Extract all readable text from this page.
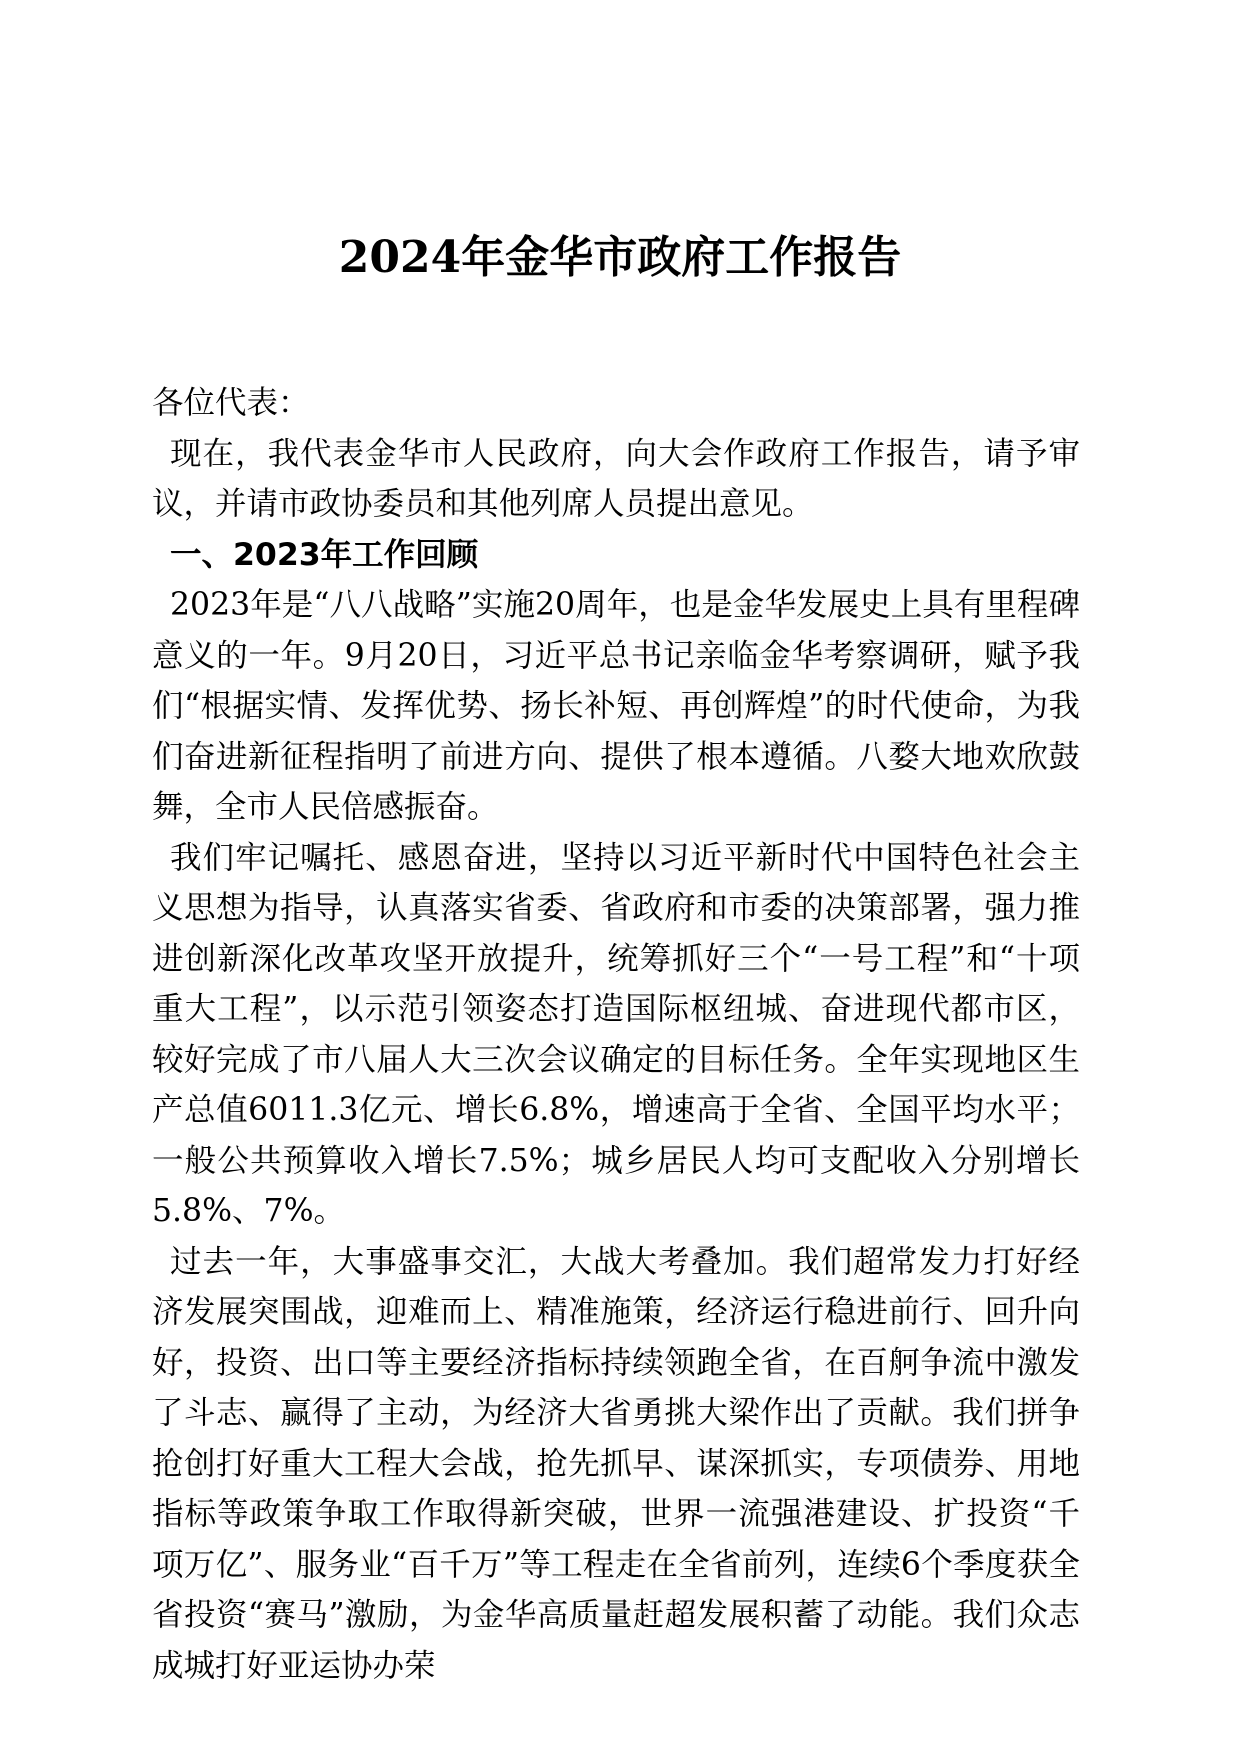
2024年金华市政府工作报告

各位代表：

现在，我代表金华市人民政府，向大会作政府工作报告，请予审议，并请市政协委员和其他列席人员提出意见。

一、2023年工作回顾

2023年是“八八战略”实施20周年，也是金华发展史上具有里程碑意义的一年。9月20日，习近平总书记亲临金华考察调研，赋予我们“根据实情、发挥优势、扬长补短、再创辉煌”的时代使命，为我们奋进新征程指明了前进方向、提供了根本遵循。八婺大地欢欣鼓舞，全市人民倍感振奋。

我们牢记嘱托、感恩奋进，坚持以习近平新时代中国特色社会主义思想为指导，认真落实省委、省政府和市委的决策部署，强力推进创新深化改革攻坚开放提升，统筹抓好三个“一号工程”和“十项重大工程”，以示范引领姿态打造国际枢纽城、奋进现代都市区，较好完成了市八届人大三次会议确定的目标任务。全年实现地区生产总值6011.3亿元、增长6.8%，增速高于全省、全国平均水平；一般公共预算收入增长7.5%；城乡居民人均可支配收入分别增长5.8%、7%。

过去一年，大事盛事交汇，大战大考叠加。我们超常发力打好经济发展突围战，迎难而上、精准施策，经济运行稳进前行、回升向好，投资、出口等主要经济指标持续领跑全省，在百舸争流中激发了斗志、赢得了主动，为经济大省勇挑大梁作出了贡献。我们拼争抢创打好重大工程大会战，抢先抓早、谋深抓实，专项债券、用地指标等政策争取工作取得新突破，世界一流强港建设、扩投资“千项万亿”、服务业“百千万”等工程走在全省前列，连续6个季度获全省投资“赛马”激励，为金华高质量赶超发展积蓄了动能。我们众志成城打好亚运协办荣
